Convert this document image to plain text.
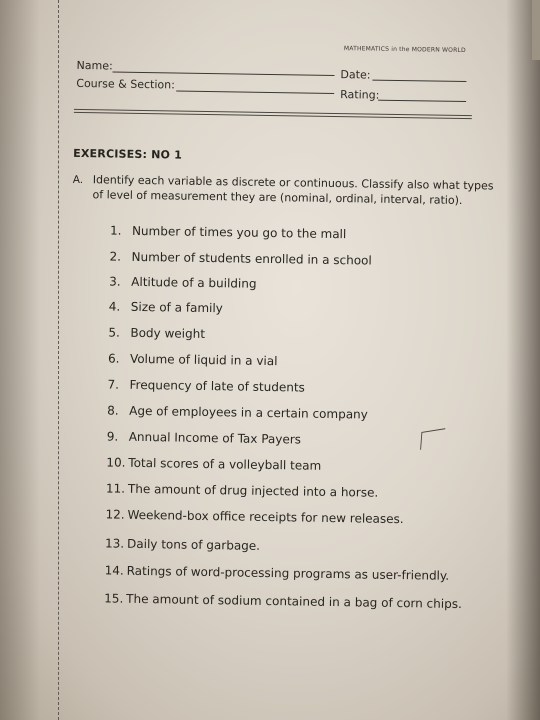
MATHEMATICS in the MODERN WORLD
Name:
Course & Section:
Date:
Rating:
EXERCISES: NO 1
A. Identify each variable as discrete or continuous. Classify also what types
of level of measurement they are (nominal, ordinal, interval, ratio).
1. Number of times you go to the mall
2. Number of students enrolled in a school
3. Altitude of a building
4. Size of a family
5. Body weight
6. Volume of liquid in a vial
7. Frequency of late of students
8. Age of employees in a certain company
9. Annual Income of Tax Payers
10. Total scores of a volleyball team
11. The amount of drug injected into a horse.
12. Weekend-box office receipts for new releases.
13. Daily tons of garbage.
14. Ratings of word-processing programs as user-friendly.
15. The amount of sodium contained in a bag of corn chips.
